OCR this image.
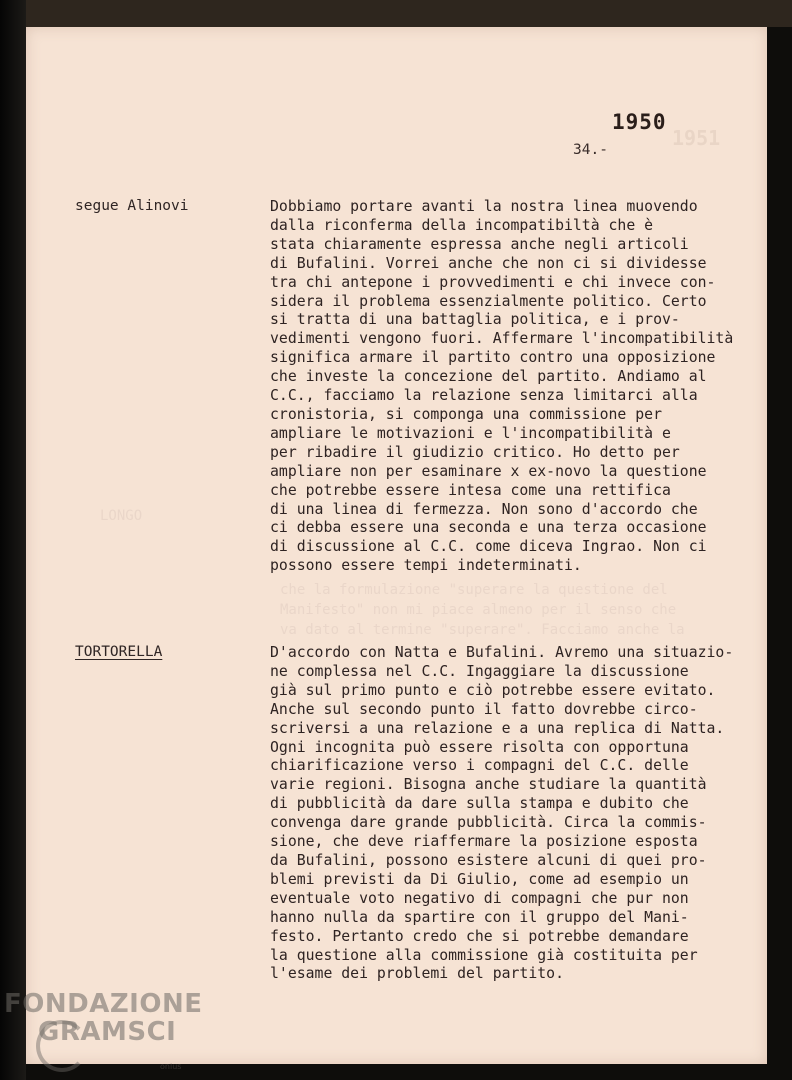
1951
LONGO
che la formulazione "superare la questione del
Manifesto" non mi piace almeno per il senso che
va dato al termine "superare". Facciamo anche la
1950
34.-
segue Alinovi	Dobbiamo portare avanti la nostra linea muovendo
dalla riconferma della incompatibiltà che è
stata chiaramente espressa anche negli articoli
di Bufalini. Vorrei anche che non ci si dividesse
tra chi antepone i provvedimenti e chi invece con-
sidera il problema essenzialmente politico. Certo
si tratta di una battaglia politica, e i prov-
vedimenti vengono fuori. Affermare l'incompatibilità
significa armare il partito contro una opposizione
che investe la concezione del partito. Andiamo al
C.C., facciamo la relazione senza limitarci alla
cronistoria, si componga una commissione per
ampliare le motivazioni e l'incompatibilità e
per ribadire il giudizio critico. Ho detto per
ampliare non per esaminare x ex-novo la questione
che potrebbe essere intesa come una rettifica
di una linea di fermezza. Non sono d'accordo che
ci debba essere una seconda e una terza occasione
di discussione al C.C. come diceva Ingrao. Non ci
possono essere tempi indeterminati.
TORTORELLA	D'accordo con Natta e Bufalini. Avremo una situazio-
ne complessa nel C.C. Ingaggiare la discussione
già sul primo punto e ciò potrebbe essere evitato.
Anche sul secondo punto il fatto dovrebbe circo-
scriversi a una relazione e a una replica di Natta.
Ogni incognita può essere risolta con opportuna
chiarificazione verso i compagni del C.C. delle
varie regioni. Bisogna anche studiare la quantità
di pubblicità da dare sulla stampa e dubito che
convenga dare grande pubblicità. Circa la commis-
sione, che deve riaffermare la posizione esposta
da Bufalini, possono esistere alcuni di quei pro-
blemi previsti da Di Giulio, come ad esempio un
eventuale voto negativo di compagni che pur non
hanno nulla da spartire con il gruppo del Mani-
festo. Pertanto credo che si potrebbe demandare
la questione alla commissione già costituita per
l'esame dei problemi del partito.
FONDAZIONE
GRAMSCI
onlus
